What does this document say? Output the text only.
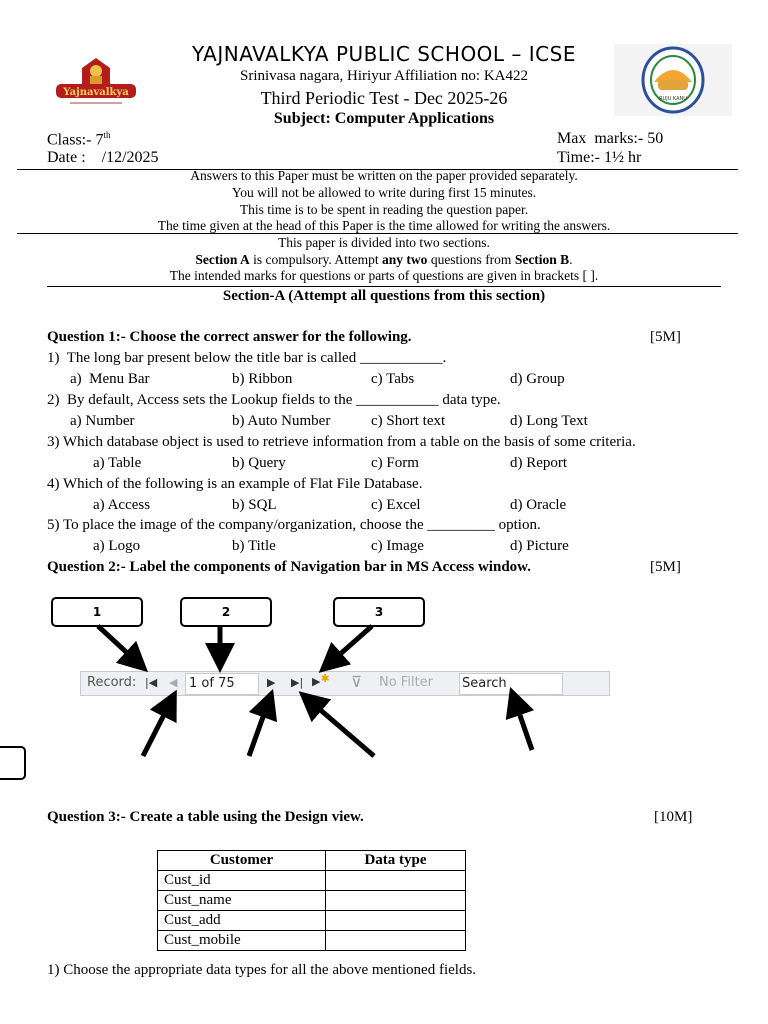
Yajnavalkya
RUJU KANU
YAJNAVALKYA PUBLIC SCHOOL – ICSE
Srinivasa nagara, Hiriyur Affiliation no: KA422
Third Periodic Test - Dec 2025-26
Subject: Computer Applications
Class:- 7th
Date :    /12/2025
Max  marks:- 50
Time:- 1½ hr
Answers to this Paper must be written on the paper provided separately.
You will not be allowed to write during first 15 minutes.
This time is to be spent in reading the question paper.
The time given at the head of this Paper is the time allowed for writing the answers.
This paper is divided into two sections.
Section A is compulsory. Attempt any two questions from Section B.
The intended marks for questions or parts of questions are given in brackets [ ].
Section-A (Attempt all questions from this section)
Question 1:- Choose the correct answer for the following.	[5M]
1)  The long bar present below the title bar is called ___________.
a)  Menu Bar	b) Ribbon	c) Tabs	d) Group
2)  By default, Access sets the Lookup fields to the ___________ data type.
a) Number	b) Auto Number	c) Short text	d) Long Text
3) Which database object is used to retrieve information from a table on the basis of some criteria.
a) Table	b) Query	c) Form	d) Report
4) Which of the following is an example of Flat File Database.
a) Access	b) SQL	c) Excel	d) Oracle
5) To place the image of the company/organization, choose the _________ option.
a) Logo	b) Title	c) Image	d) Picture
Question 2:- Label the components of Navigation bar in MS Access window.	[5M]
1	2	3
Record: |◀ ◀ 1 of 75	▶ ▶| ▶✱ ⊽ No Filter Search
Question 3:- Create a table using the Design view.	[10M]
Customer	Data type
Cust_id	
Cust_name	
Cust_add	
Cust_mobile	
1) Choose the appropriate data types for all the above mentioned fields.
